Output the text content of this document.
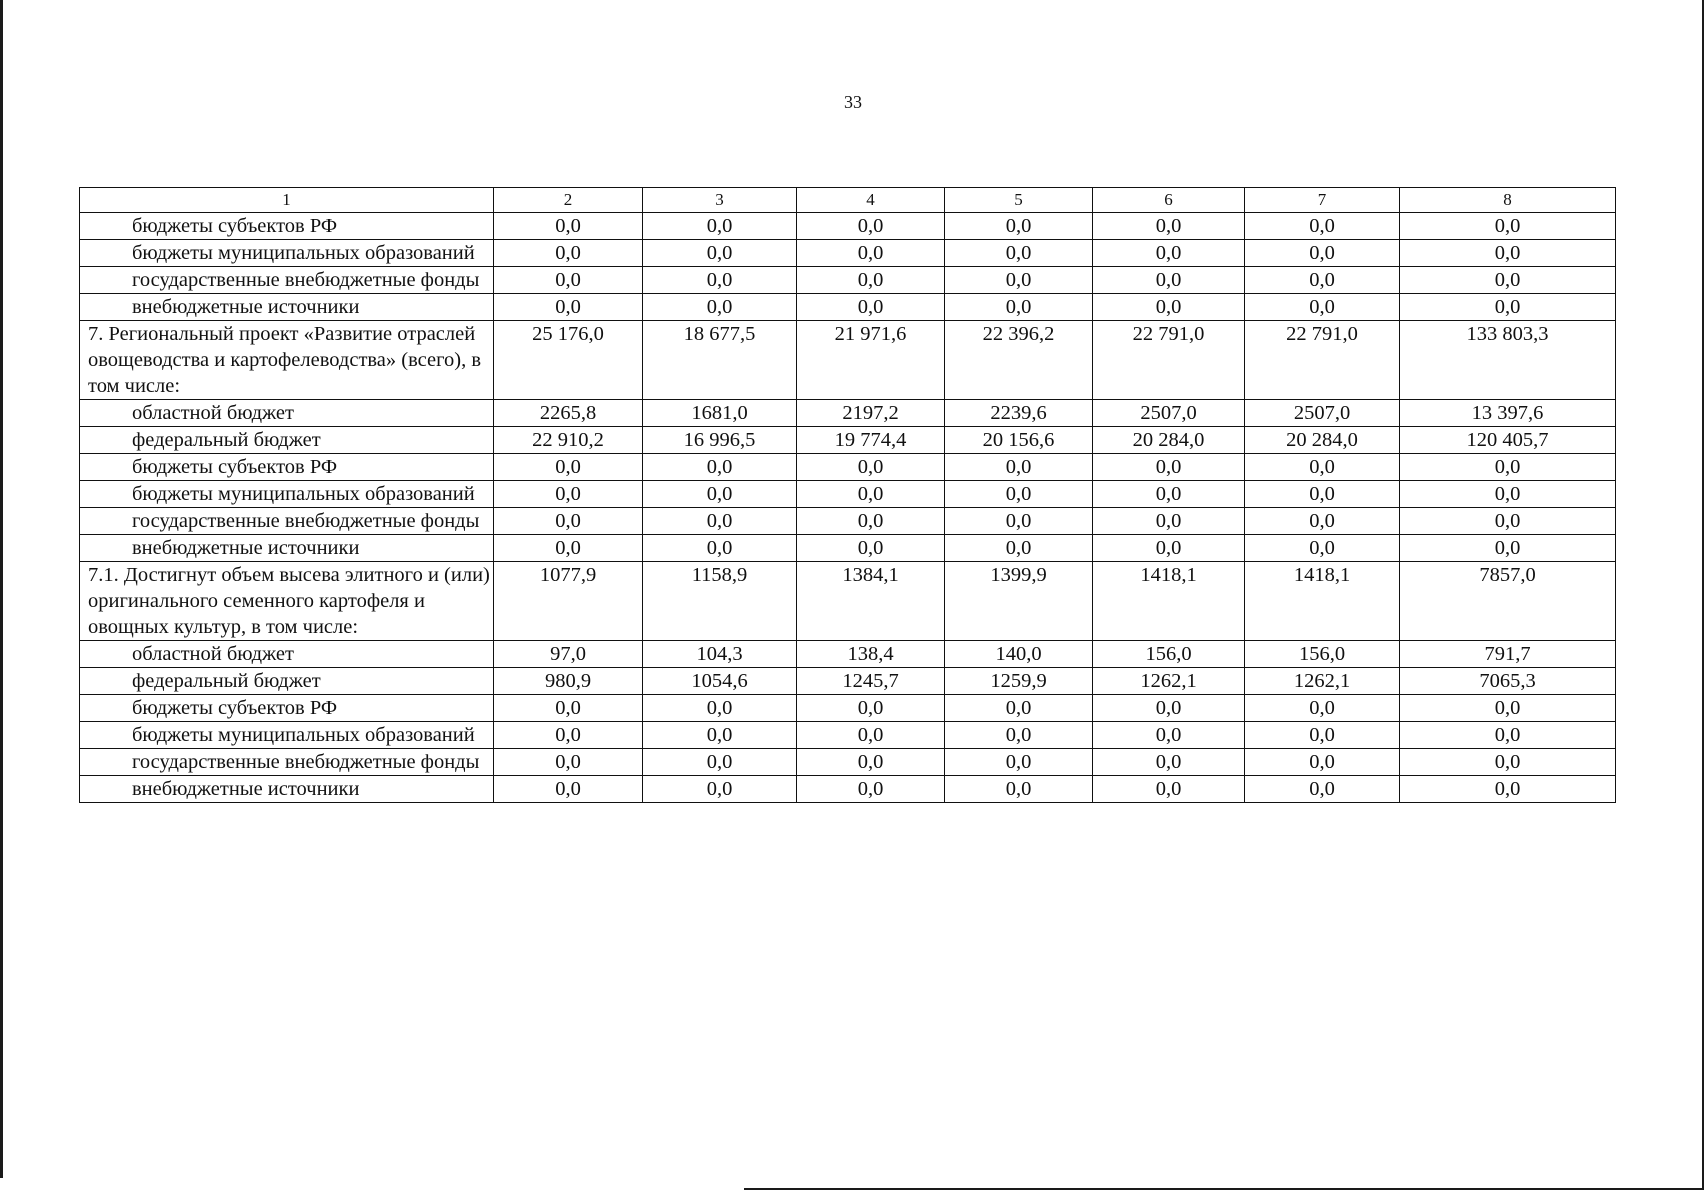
33
1	2	3	4	5	6	7	8
бюджеты субъектов РФ	0,0	0,0	0,0	0,0	0,0	0,0	0,0
бюджеты муниципальных образований	0,0	0,0	0,0	0,0	0,0	0,0	0,0
государственные внебюджетные фонды	0,0	0,0	0,0	0,0	0,0	0,0	0,0
внебюджетные источники	0,0	0,0	0,0	0,0	0,0	0,0	0,0
7. Региональный проект «Развитие отраслей овощеводства и картофелеводства» (всего), в том числе:	25 176,0	18 677,5	21 971,6	22 396,2	22 791,0	22 791,0	133 803,3
областной бюджет	2265,8	1681,0	2197,2	2239,6	2507,0	2507,0	13 397,6
федеральный бюджет	22 910,2	16 996,5	19 774,4	20 156,6	20 284,0	20 284,0	120 405,7
бюджеты субъектов РФ	0,0	0,0	0,0	0,0	0,0	0,0	0,0
бюджеты муниципальных образований	0,0	0,0	0,0	0,0	0,0	0,0	0,0
государственные внебюджетные фонды	0,0	0,0	0,0	0,0	0,0	0,0	0,0
внебюджетные источники	0,0	0,0	0,0	0,0	0,0	0,0	0,0
7.1. Достигнут объем высева элитного и (или) оригинального семенного картофеля и овощных культур, в том числе:	1077,9	1158,9	1384,1	1399,9	1418,1	1418,1	7857,0
областной бюджет	97,0	104,3	138,4	140,0	156,0	156,0	791,7
федеральный бюджет	980,9	1054,6	1245,7	1259,9	1262,1	1262,1	7065,3
бюджеты субъектов РФ	0,0	0,0	0,0	0,0	0,0	0,0	0,0
бюджеты муниципальных образований	0,0	0,0	0,0	0,0	0,0	0,0	0,0
государственные внебюджетные фонды	0,0	0,0	0,0	0,0	0,0	0,0	0,0
внебюджетные источники	0,0	0,0	0,0	0,0	0,0	0,0	0,0
